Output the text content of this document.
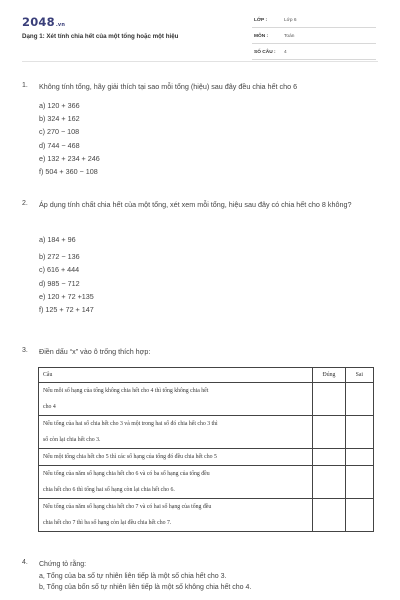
2048.vn
Dạng 1: Xét tính chia hết của một tổng hoặc một hiệu
LỚP :	Lớp 6
MÔN :	Toán
SỐ CÂU : 4
1. Không tính tổng, hãy giải thích tại sao mỗi tổng (hiệu) sau đây đều chia hết cho 6
a) 120 + 366
b) 324 + 162
c) 270 − 108
d) 744 − 468
e) 132 + 234 + 246
f) 504 + 360 − 108
2. Áp dụng tính chất chia hết của một tổng, xét xem mỗi tổng, hiệu sau đây có chia hết cho 8 không?
a) 184 + 96
b) 272 − 136
c) 616 + 444
d) 985 − 712
e) 120 + 72 +135
f) 125 + 72 + 147
3. Điền dấu “x” vào ô trống thích hợp:
Câu	Đúng	Sai

Nếu mỗi số hạng của tổng không chia hết cho 4 thì tổng không chia hết
cho 4		

Nếu tổng của hai số chia hết cho 3 và một trong hai số đó chia hết cho 3 thì
số còn lại chia hết cho 3.		

Nếu một tổng chia hết cho 5 thì các số hạng của tổng đó đều chia hết cho 5		

Nếu tổng của năm số hạng chia hết cho 6 và có ba số hạng của tổng đều
chia hết cho 6 thì tổng hai số hạng còn lại chia hết cho 6.		

Nếu tổng của năm số hạng chia hết cho 7 và có hai số hạng của tổng đều
chia hết cho 7 thì ba số hạng còn lại đều chia hết cho 7.		

4. Chứng tỏ rằng:
a, Tổng của ba số tự nhiên liên tiếp là một số chia hết cho 3.
b, Tổng của bốn số tự nhiên liên tiếp là một số không chia hết cho 4.
